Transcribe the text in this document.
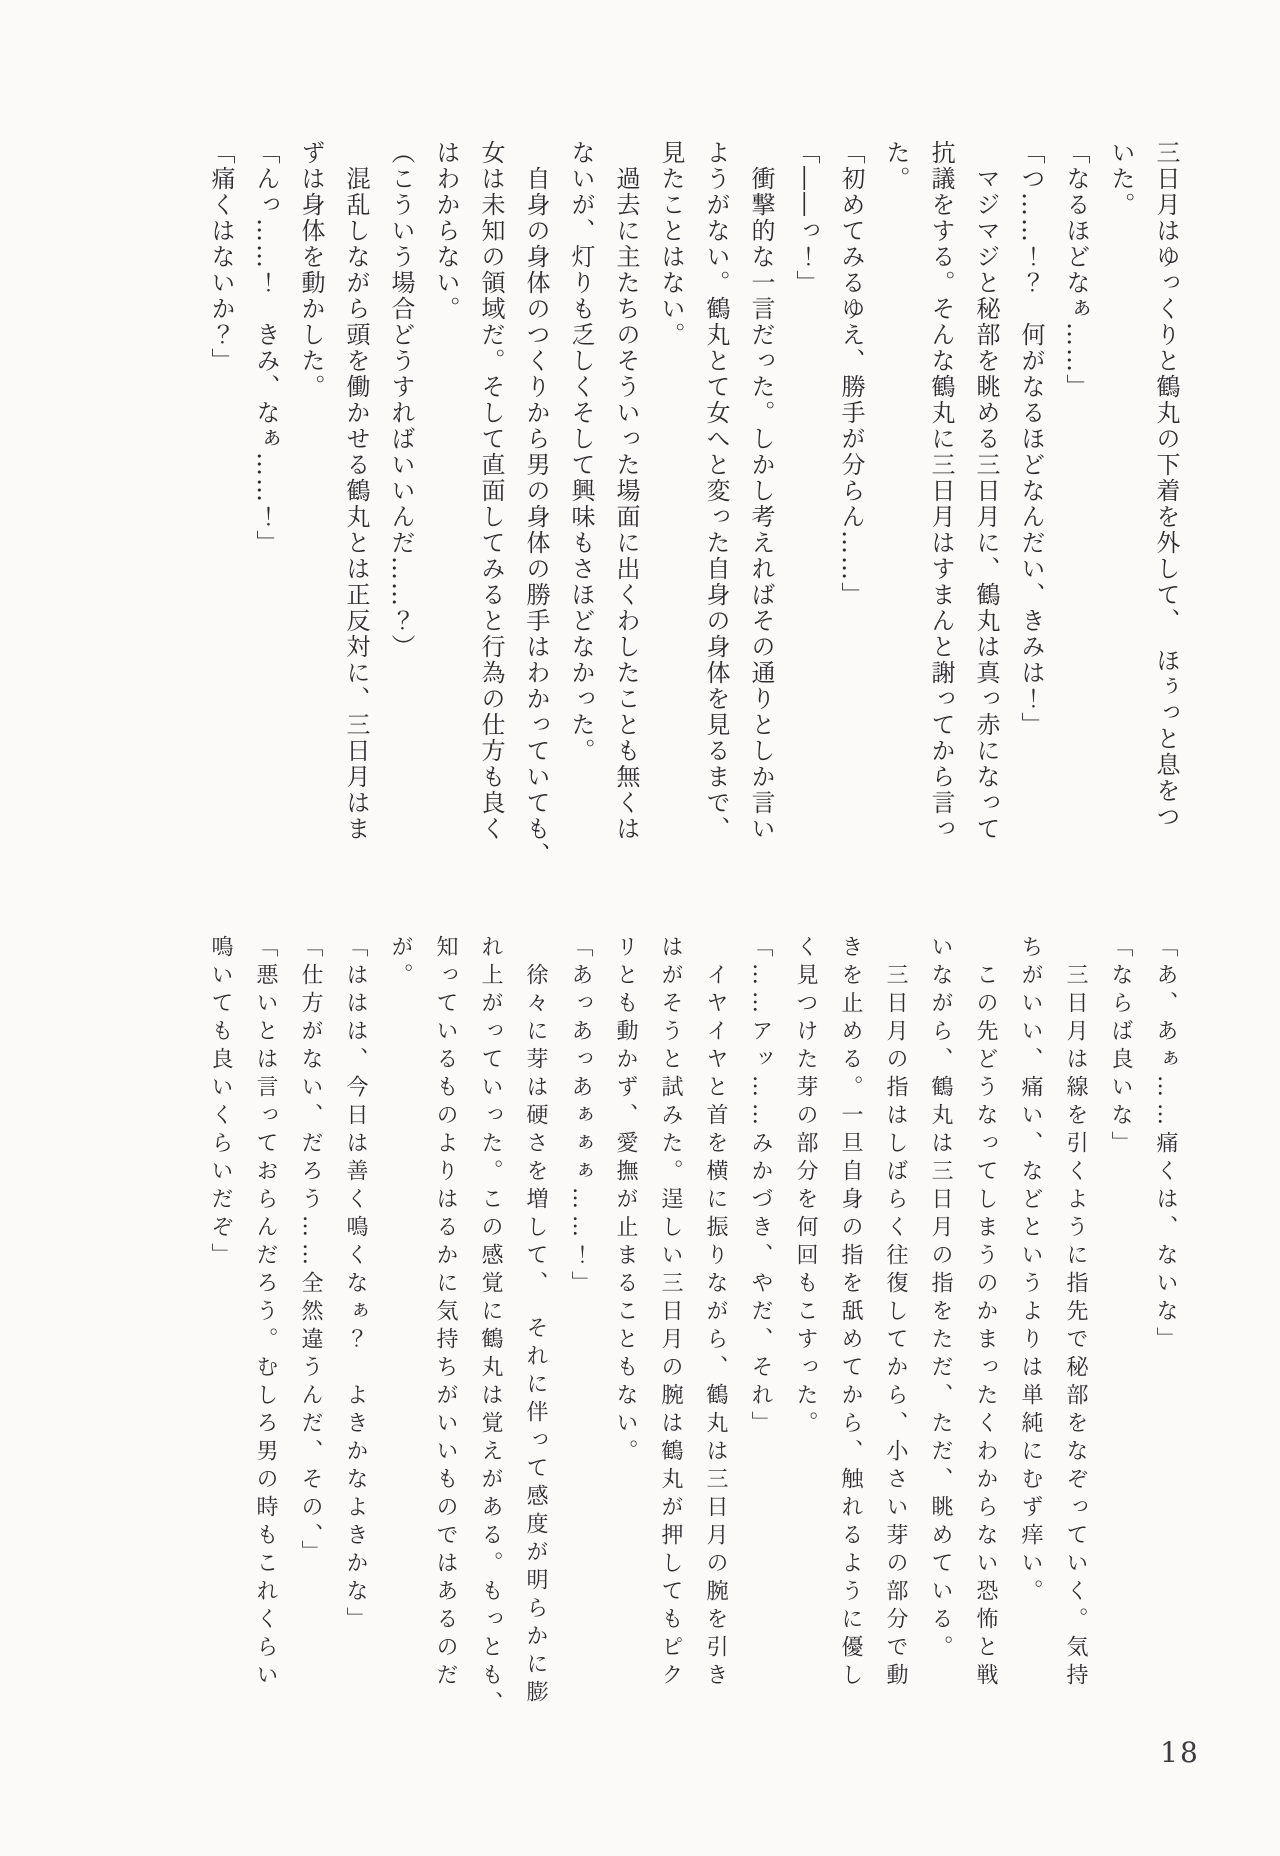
三日月はゆっくりと鶴丸の下着を外して、　ほぅっと息をつ

いた。

「なるほどなぁ……」

「つ……！？　何がなるほどなんだい、きみは！」

　マジマジと秘部を眺める三日月に、鶴丸は真っ赤になって

抗議をする。そんな鶴丸に三日月はすまんと謝ってから言っ

た。

「初めてみるゆえ、勝手が分らん……」

「――っ！」

　衝撃的な一言だった。しかし考えればその通りとしか言い

ようがない。鶴丸とて女へと変った自身の身体を見るまで、

見たことはない。

　過去に主たちのそういった場面に出くわしたことも無くは

ないが、灯りも乏しくそして興味もさほどなかった。

　自身の身体のつくりから男の身体の勝手はわかっていても、

女は未知の領域だ。そして直面してみると行為の仕方も良く

はわからない。

（こういう場合どうすればいいんだ……？）

　混乱しながら頭を働かせる鶴丸とは正反対に、三日月はま

ずは身体を動かした。

「んっ……！　きみ、なぁ……！」

「痛くはないか？」

「あ、あぁ……痛くは、ないな」

「ならば良いな」

　三日月は線を引くように指先で秘部をなぞっていく。気持

ちがいい、痛い、などというよりは単純にむず痒い。

　この先どうなってしまうのかまったくわからない恐怖と戦

いながら、鶴丸は三日月の指をただ、ただ、眺めている。

　三日月の指はしばらく往復してから、小さい芽の部分で動

きを止める。一旦自身の指を舐めてから、触れるように優し

く見つけた芽の部分を何回もこすった。

「……アッ……みかづき、やだ、それ」

　イヤイヤと首を横に振りながら、鶴丸は三日月の腕を引き

はがそうと試みた。逞しい三日月の腕は鶴丸が押してもピク

リとも動かず、愛撫が止まることもない。

「あっあっあぁぁぁ……！」

　徐々に芽は硬さを増して、　それに伴って感度が明らかに膨

れ上がっていった。この感覚に鶴丸は覚えがある。もっとも、

知っているものよりはるかに気持ちがいいものではあるのだ

が。

「ははは、今日は善く鳴くなぁ？　よきかなよきかな」

「仕方がない、だろう……全然違うんだ、その、」

「悪いとは言っておらんだろう。むしろ男の時もこれくらい

鳴いても良いくらいだぞ」

18
